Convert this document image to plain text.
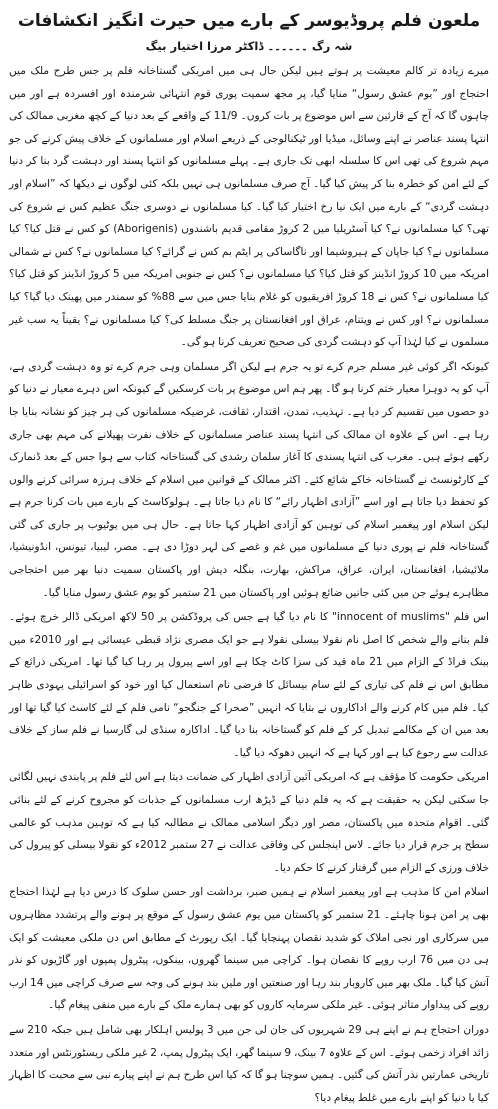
ملعون فلم پروڈیوسر کے بارے میں حیرت انگیز انکشافات
شہ رگ ۔۔۔۔۔۔ ڈاکٹر مرزا اختیار بیگ

میرے زیادہ تر کالم معیشت پر ہوتے ہیں لیکن حال ہی میں امریکی گستاخانہ فلم پر جس طرح ملک میں احتجاج اور ”یوم عشق رسول“ منایا گیا، پر مجھ سمیت پوری قوم انتہائی شرمندہ اور افسردہ ہے اور میں چاہوں گا کہ آج کے قارئین سے اس موضوع پر بات کروں۔ 11/9 کے واقعے کے بعد دنیا کے کچھ مغربی ممالک کی انتہا پسند عناصر نے اپنے وسائل، میڈیا اور ٹیکنالوجی کے ذریعے اسلام اور مسلمانوں کے خلاف پیش کرنے کی جو مہم شروع کی تھی اس کا سلسلہ ابھی تک جاری ہے۔ پہلے مسلمانوں کو انتہا پسند اور دہشت گرد بنا کر دنیا کے لئے امن کو خطرہ بنا کر پیش کیا گیا۔ آج صرف مسلمانوں ہی نہیں بلکہ کئی لوگوں نے دیکھا کہ ”اسلام اور دہشت گردی“ کے بارے میں ایک نیا رخ اختیار کیا گیا۔ کیا مسلمانوں نے دوسری جنگ عظیم کس نے شروع کی تھی؟ کیا مسلمانوں نے؟ کیا آسٹریلیا میں 2 کروڑ مقامی قدیم باشندوں (Aborigenis) کو کس نے قتل کیا؟ کیا مسلمانوں نے؟ کیا جاپان کے ہیروشیما اور ناگاساکی پر ایٹم بم کس نے گرائے؟ کیا مسلمانوں نے؟ کس نے شمالی امریکہ میں 10 کروڑ انڈینز کو قتل کیا؟ کیا مسلمانوں نے؟ کس نے جنوبی امریکہ میں 5 کروڑ انڈینز کو قتل کیا؟ کیا مسلمانوں نے؟ کس نے 18 کروڑ افریقیوں کو غلام بنایا جس میں سے 88% کو سمندر میں پھینک دیا گیا؟ کیا مسلمانوں نے؟ اور کس نے ویتنام، عراق اور افغانستان پر جنگ مسلط کی؟ کیا مسلمانوں نے؟ یقیناً یہ سب غیر مسلموں نے کیا لہٰذا آپ کو دہشت گردی کی صحیح تعریف کرنا ہو گی۔

کیونکہ اگر کوئی غیر مسلم جرم کرے تو یہ جرم ہے لیکن اگر مسلمان وہی جرم کرے تو وہ دہشت گردی ہے، آپ کو یہ دوہرا معیار ختم کرنا ہو گا۔ پھر ہم اس موضوع پر بات کرسکیں گے کیونکہ اس دہرے معیار نے دنیا کو دو حصوں میں تقسیم کر دیا ہے۔ تہذیب، تمدن، اقتدار، ثقافت، غرضیکہ مسلمانوں کی ہر چیز کو نشانہ بنایا جا رہا ہے۔ اس کے علاوہ ان ممالک کی انتہا پسند عناصر مسلمانوں کے خلاف نفرت پھیلانے کی مہم بھی جاری رکھے ہوئے ہیں۔ مغرب کی انتہا پسندی کا آغاز سلمان رشدی کی گستاخانہ کتاب سے ہوا جس کے بعد ڈنمارک کے کارٹونسٹ نے گستاخانہ خاکے شائع کئے۔ اکثر ممالک کے قوانین میں اسلام کے خلاف ہرزہ سرائی کرنے والوں کو تحفظ دیا جاتا ہے اور اسے ”آزادی اظہار رائے“ کا نام دیا جاتا ہے۔ ہولوکاسٹ کے بارے میں بات کرنا جرم ہے لیکن اسلام اور پیغمبر اسلام کی توہین کو آزادی اظہار کہا جاتا ہے۔ حال ہی میں یوٹیوب پر جاری کی گئی گستاخانہ فلم نے پوری دنیا کے مسلمانوں میں غم و غصے کی لہر دوڑا دی ہے۔ مصر، لیبیا، تیونس، انڈونیشیا، ملائیشیا، افغانستان، ایران، عراق، مراکش، بھارت، بنگلہ دیش اور پاکستان سمیت دنیا بھر میں احتجاجی مظاہرے ہوئے جن میں کئی جانیں ضائع ہوئیں اور پاکستان میں 21 ستمبر کو یوم عشق رسول منایا گیا۔

اس فلم "innocent of muslims" کا نام دیا گیا ہے جس کی پروڈکشن پر 50 لاکھ امریکی ڈالر خرچ ہوئے۔ فلم بنانے والے شخص کا اصل نام نقولا بیسلی نقولا ہے جو ایک مصری نژاد قبطی عیسائی ہے اور 2010ء میں بینک فراڈ کے الزام میں 21 ماہ قید کی سزا کاٹ چکا ہے اور اسے پیرول پر رہا کیا گیا تھا۔ امریکی ذرائع کے مطابق اس نے فلم کی تیاری کے لئے سام بیسائل کا فرضی نام استعمال کیا اور خود کو اسرائیلی یہودی ظاہر کیا۔ فلم میں کام کرنے والے اداکاروں نے بتایا کہ انہیں ”صحرا کے جنگجو“ نامی فلم کے لئے کاسٹ کیا گیا تھا اور بعد میں ان کے مکالمے تبدیل کر کے فلم کو گستاخانہ بنا دیا گیا۔ اداکارہ سنڈی لی گارسیا نے فلم ساز کے خلاف عدالت سے رجوع کیا ہے اور کہا ہے کہ انہیں دھوکہ دیا گیا۔

امریکی حکومت کا مؤقف ہے کہ امریکی آئین آزادی اظہار کی ضمانت دیتا ہے اس لئے فلم پر پابندی نہیں لگائی جا سکتی لیکن یہ حقیقت ہے کہ یہ فلم دنیا کے ڈیڑھ ارب مسلمانوں کے جذبات کو مجروح کرنے کے لئے بنائی گئی۔ اقوام متحدہ میں پاکستان، مصر اور دیگر اسلامی ممالک نے مطالبہ کیا ہے کہ توہین مذہب کو عالمی سطح پر جرم قرار دیا جائے۔ لاس اینجلس کی وفاقی عدالت نے 27 ستمبر 2012ء کو نقولا بیسلی کو پیرول کی خلاف ورزی کے الزام میں گرفتار کرنے کا حکم دیا۔

اسلام امن کا مذہب ہے اور پیغمبر اسلام نے ہمیں صبر، برداشت اور حسن سلوک کا درس دیا ہے لہٰذا احتجاج بھی پر امن ہونا چاہئے۔ 21 ستمبر کو پاکستان میں یوم عشق رسول کے موقع پر ہونے والے پرتشدد مظاہروں میں سرکاری اور نجی املاک کو شدید نقصان پہنچایا گیا۔ ایک رپورٹ کے مطابق اس دن ملکی معیشت کو ایک ہی دن میں 76 ارب روپے کا نقصان ہوا۔ کراچی میں سینما گھروں، بینکوں، پیٹرول پمپوں اور گاڑیوں کو نذر آتش کیا گیا۔ ملک بھر میں کاروبار بند رہا اور صنعتیں اور ملیں بند ہونے کی وجہ سے صرف کراچی میں 14 ارب روپے کی پیداوار متاثر ہوئی۔ غیر ملکی سرمایہ کاروں کو بھی ہمارے ملک کے بارے میں منفی پیغام گیا۔

دوران احتجاج ہم نے اپنے ہی 29 شہریوں کی جان لی جن میں 3 پولیس اہلکار بھی شامل ہیں جبکہ 210 سے زائد افراد زخمی ہوئے۔ اس کے علاوہ 7 بینک، 9 سینما گھر، ایک پیٹرول پمپ، 2 غیر ملکی ریسٹورنٹس اور متعدد تاریخی عمارتیں نذر آتش کی گئیں۔ ہمیں سوچنا ہو گا کہ کیا اس طرح ہم نے اپنے پیارے نبی سے محبت کا اظہار کیا یا دنیا کو اپنے بارے میں غلط پیغام دیا؟
